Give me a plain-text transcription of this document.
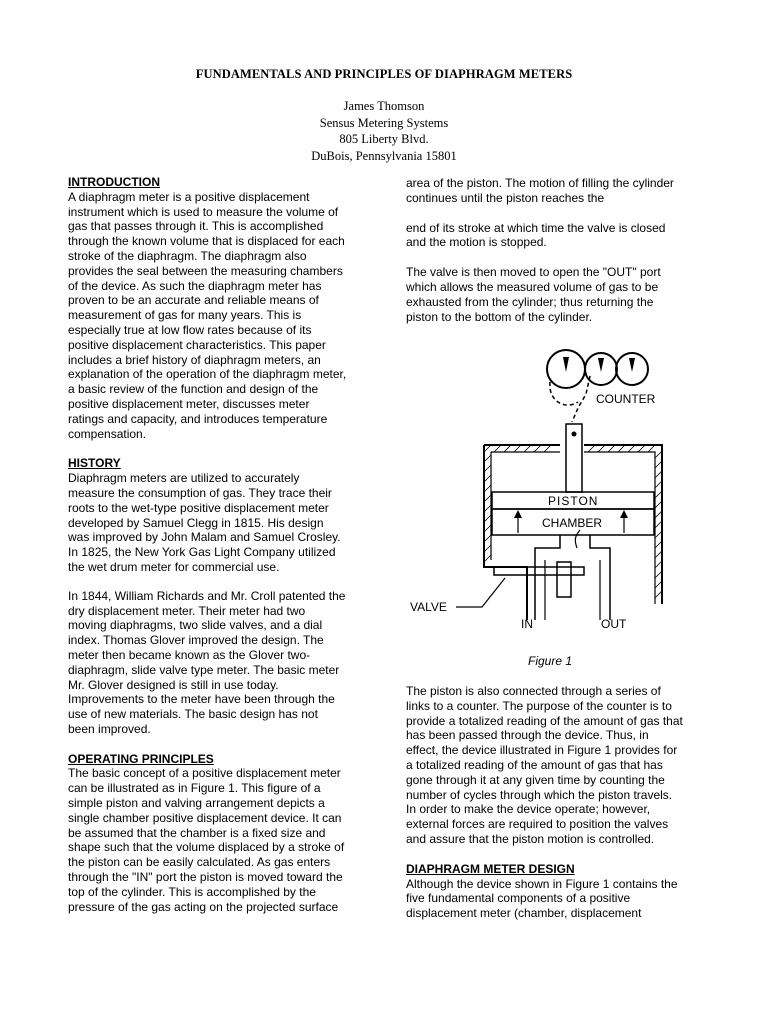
FUNDAMENTALS AND PRINCIPLES OF DIAPHRAGM METERS
James Thomson
Sensus Metering Systems
805 Liberty Blvd.
DuBois, Pennsylvania 15801
INTRODUCTION

A diaphragm meter is a positive displacement
instrument which is used to measure the volume of
gas that passes through it. This is accomplished
through the known volume that is displaced for each
stroke of the diaphragm. The diaphragm also
provides the seal between the measuring chambers
of the device. As such the diaphragm meter has
proven to be an accurate and reliable means of
measurement of gas for many years. This is
especially true at low flow rates because of its
positive displacement characteristics. This paper
includes a brief history of diaphragm meters, an
explanation of the operation of the diaphragm meter,
a basic review of the function and design of the
positive displacement meter, discusses meter
ratings and capacity, and introduces temperature
compensation.

HISTORY

Diaphragm meters are utilized to accurately
measure the consumption of gas. They trace their
roots to the wet-type positive displacement meter
developed by Samuel Clegg in 1815. His design
was improved by John Malam and Samuel Crosley.
In 1825, the New York Gas Light Company utilized
the wet drum meter for commercial use.

In 1844, William Richards and Mr. Croll patented the
dry displacement meter. Their meter had two
moving diaphragms, two slide valves, and a dial
index. Thomas Glover improved the design. The
meter then became known as the Glover two-
diaphragm, slide valve type meter. The basic meter
Mr. Glover designed is still in use today.
Improvements to the meter have been through the
use of new materials. The basic design has not
been improved.

OPERATING PRINCIPLES

The basic concept of a positive displacement meter
can be illustrated as in Figure 1. This figure of a
simple piston and valving arrangement depicts a
single chamber positive displacement device. It can
be assumed that the chamber is a fixed size and
shape such that the volume displaced by a stroke of
the piston can be easily calculated. As gas enters
through the "IN" port the piston is moved toward the
top of the cylinder. This is accomplished by the
pressure of the gas acting on the projected surface

area of the piston. The motion of filling the cylinder
continues until the piston reaches the

end of its stroke at which time the valve is closed
and the motion is stopped.

The valve is then moved to open the "OUT" port
which allows the measured volume of gas to be
exhausted from the cylinder; thus returning the
piston to the bottom of the cylinder.

COUNTER
PISTON
CHAMBER
VALVE
IN	OUT
Figure 1

The piston is also connected through a series of
links to a counter. The purpose of the counter is to
provide a totalized reading of the amount of gas that
has been passed through the device. Thus, in
effect, the device illustrated in Figure 1 provides for
a totalized reading of the amount of gas that has
gone through it at any given time by counting the
number of cycles through which the piston travels.
In order to make the device operate; however,
external forces are required to position the valves
and assure that the piston motion is controlled.

DIAPHRAGM METER DESIGN

Although the device shown in Figure 1 contains the
five fundamental components of a positive
displacement meter (chamber, displacement
